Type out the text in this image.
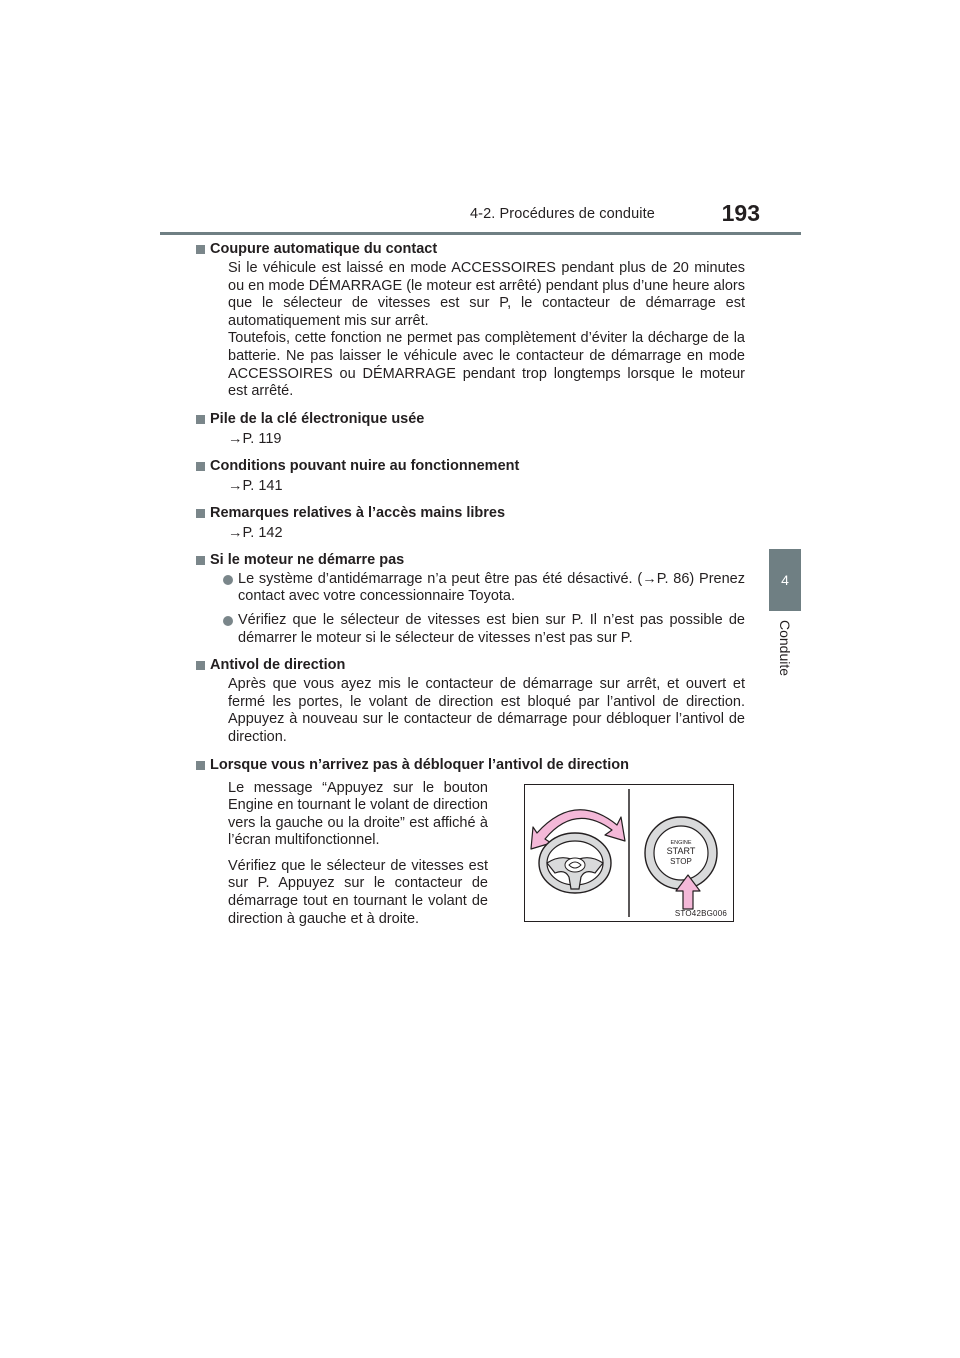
4-2. Procédures de conduite	193
4
Conduite
Coupure automatique du contact

Si le véhicule est laissé en mode ACCESSOIRES pendant plus de 20 minutes ou en mode DÉMARRAGE (le moteur est arrêté) pendant plus d’une heure alors que le sélecteur de vitesses est sur P, le contacteur de démarrage est automatiquement mis sur arrêt.

Toutefois, cette fonction ne permet pas complètement d’éviter la décharge de la batterie. Ne pas laisser le véhicule avec le contacteur de démarrage en mode ACCESSOIRES ou DÉMARRAGE pendant trop longtemps lorsque le moteur est arrêté.

Pile de la clé électronique usée

→P. 119

Conditions pouvant nuire au fonctionnement

→P. 141

Remarques relatives à l’accès mains libres

→P. 142

Si le moteur ne démarre pas

Le système d’antidémarrage n’a peut être pas été désactivé. (→P. 86) Prenez contact avec votre concessionnaire Toyota.

Vérifiez que le sélecteur de vitesses est bien sur P. Il n’est pas possible de démarrer le moteur si le sélecteur de vitesses n’est pas sur P.

Antivol de direction

Après que vous ayez mis le contacteur de démarrage sur arrêt, et ouvert et fermé les portes, le volant de direction est bloqué par l’antivol de direction. Appuyez à nouveau sur le contacteur de démarrage pour débloquer l’antivol de direction.

Lorsque vous n’arrivez pas à débloquer l’antivol de direction

Le message “Appuyez sur le bouton Engine en tournant le volant de direction vers la gauche ou la droite” est affiché à l’écran multifonctionnel.

Vérifiez que le sélecteur de vitesses est sur P. Appuyez sur le contacteur de démarrage tout en tournant le volant de direction à gauche et à droite.

ENGINE
START
STOP
STO42BG006
